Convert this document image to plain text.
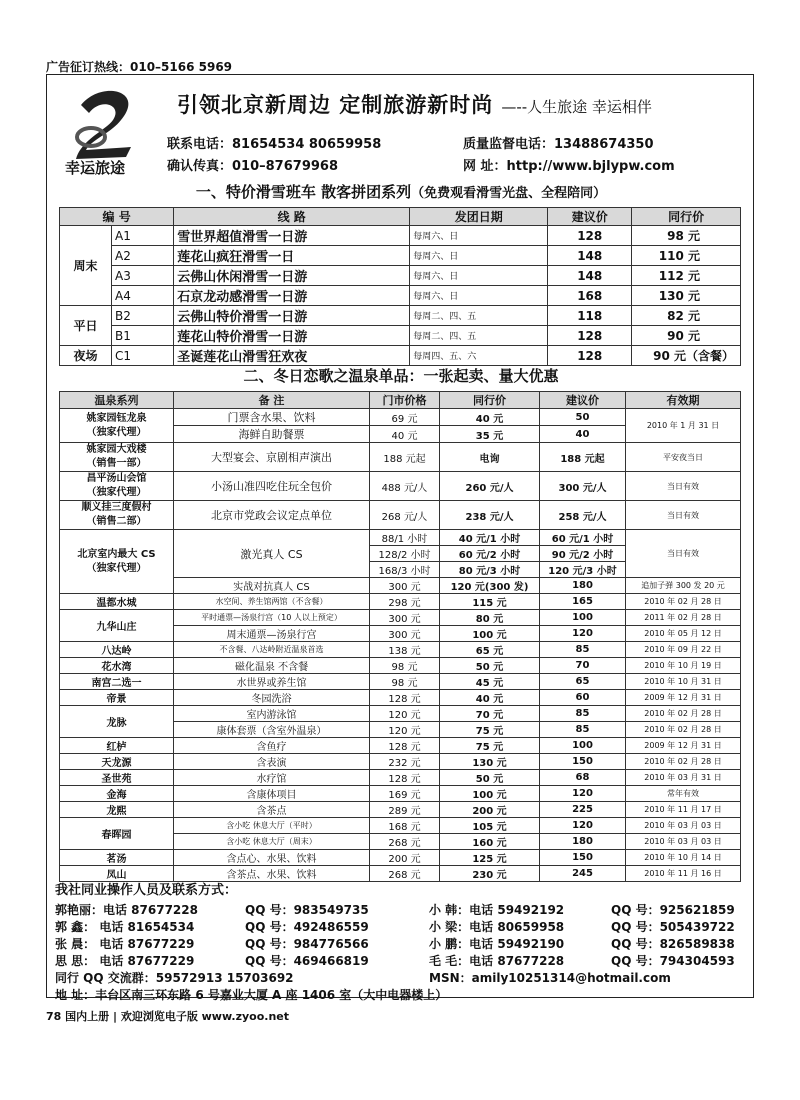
广告征订热线：010–5166 5969
幸运旅途
引领北京新周边 定制旅游新时尚 —--人生旅途 幸运相伴
联系电话：81654534 80659958	质量监督电话：13488674350
确认传真：010–87679968	网 址：http://www.bjlypw.com
一、特价滑雪班车 散客拼团系列（免费观看滑雪光盘、全程陪同）
编 号		线 路	发团日期	建议价	同行价
周末	A1	雪世界超值滑雪一日游	每周六、日	128	98 元
	A2	莲花山疯狂滑雪一日	每周六、日	148	110 元
	A3	云佛山休闲滑雪一日游	每周六、日	148	112 元
	A4	石京龙动感滑雪一日游	每周六、日	168	130 元
平日	B2	云佛山特价滑雪一日游	每周二、四、五	118	82 元
	B1	莲花山特价滑雪一日游	每周二、四、五	128	90 元
夜场	C1	圣诞莲花山滑雪狂欢夜	每周四、五、六	128	90 元（含餐）
二、冬日恋歌之温泉单品：一张起卖、量大优惠
温泉系列	备 注	门市价格	同行价	建议价	有效期
姚家园钰龙泉
（独家代理）	门票含水果、饮料	69 元	40 元	50	2010 年 1 月 31 日
	海鲜自助餐票	40 元	35 元	40	
姚家园大戏楼
（销售一部）	大型宴会、京剧相声演出	188 元起	电询	188 元起	平安夜当日
昌平汤山会馆
（独家代理）	小汤山准四吃住玩全包价	488 元/人	260 元/人	300 元/人	当日有效
顺义挂三度假村
（销售二部）	北京市党政会议定点单位	268 元/人	238 元/人	258 元/人	当日有效
北京室内最大 CS
（独家代理）	激光真人 CS	88/1 小时	40 元/1 小时	60 元/1 小时	当日有效
		128/2 小时	60 元/2 小时	90 元/2 小时	
		168/3 小时	80 元/3 小时	120 元/3 小时	
	实战对抗真人 CS	300 元	120 元(300 发)	180	追加子弹 300 发 20 元
温都水城	水空间、养生馆两馆（不含餐）	298 元	115 元	165	2010 年 02 月 28 日
九华山庄	平时通票—汤泉行宫（10 人以上预定）	300 元	80 元	100	2011 年 02 月 28 日
	周末通票—汤泉行宫	300 元	100 元	120	2010 年 05 月 12 日
八达岭	不含餐、八达岭附近温泉首选	138 元	65 元	85	2010 年 09 月 22 日
花水湾	磁化温泉 不含餐	98 元	50 元	70	2010 年 10 月 19 日
南宫二选一	水世界或养生馆	98 元	45 元	65	2010 年 10 月 31 日
帝景	冬园洗浴	128 元	40 元	60	2009 年 12 月 31 日
龙脉	室内游泳馆	120 元	70 元	85	2010 年 02 月 28 日
	康体套票（含室外温泉）	120 元	75 元	85	2010 年 02 月 28 日
红栌	含鱼疗	128 元	75 元	100	2009 年 12 月 31 日
天龙源	含表演	232 元	130 元	150	2010 年 02 月 28 日
圣世苑	水疗馆	128 元	50 元	68	2010 年 03 月 31 日
金海	含康体项目	169 元	100 元	120	常年有效
龙熙	含茶点	289 元	200 元	225	2010 年 11 月 17 日
春晖园	含小吃 休息大厅（平时）	168 元	105 元	120	2010 年 03 月 03 日
	含小吃 休息大厅（周末）	268 元	160 元	180	2010 年 03 月 03 日
茗汤	含点心、水果、饮料	200 元	125 元	150	2010 年 10 月 14 日
凤山	含茶点、水果、饮料	268 元	230 元	245	2010 年 11 月 16 日
我社同业操作人员及联系方式：
郭艳丽：电话 87677228	QQ 号：983549735	小 韩：电话 59492192	QQ 号：925621859
郭 鑫： 电话 81654534	QQ 号：492486559	小 梁：电话 80659958	QQ 号：505439722
张 晨： 电话 87677229	QQ 号：984776566	小 鹏：电话 59492190	QQ 号：826589838
思 思： 电话 87677229	QQ 号：469466819	毛 毛：电话 87677228	QQ 号：794304593
同行 QQ 交流群：59572913 15703692	MSN：amily10251314@hotmail.com
地 址：丰台区南三环东路 6 号嘉业大厦 A 座 1406 室（大中电器楼上）
78 国内上册 | 欢迎浏览电子版 www.zyoo.net
